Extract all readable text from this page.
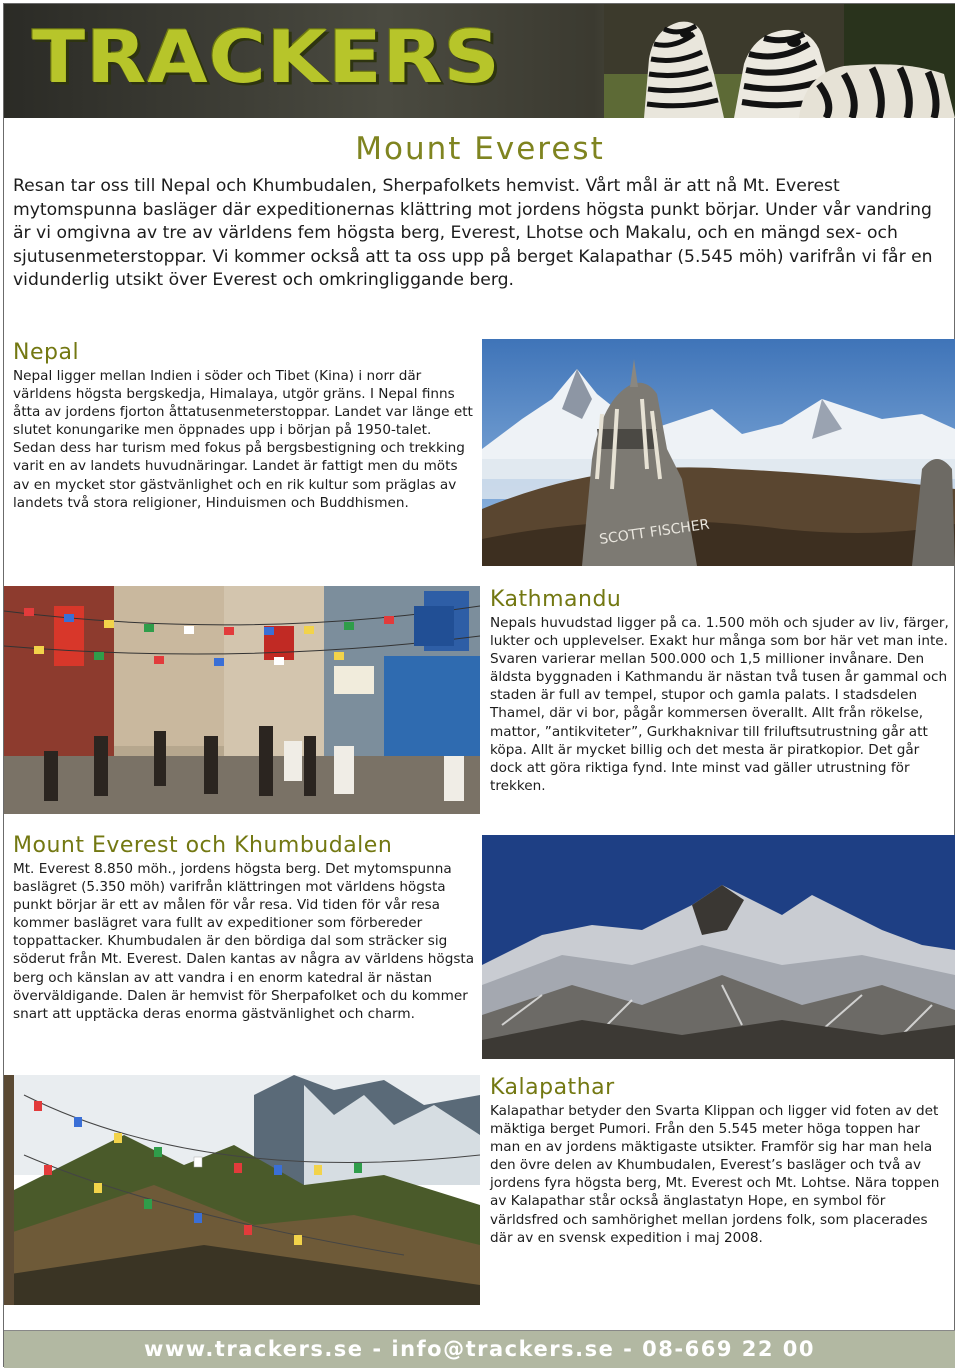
TRACKERS
Mount Everest

Resan tar oss till Nepal och Khumbudalen, Sherpafolkets hemvist. Vårt mål är att nå Mt. Everest mytomspunna basläger där expeditionernas klättring mot jordens högsta punkt börjar. Under vår vandring är vi omgivna av tre av världens fem högsta berg, Everest, Lhotse och Makalu, och en mängd sex- och sjutusenmeterstoppar. Vi kommer också att ta oss upp på berget Kalapathar (5.545 möh) varifrån vi får en vidunderlig utsikt över Everest och omkringliggande berg.

Nepal

Nepal ligger mellan Indien i söder och Tibet (Kina) i norr där världens högsta bergskedja, Himalaya, utgör gräns. I Nepal finns åtta av jordens fjorton åttatusenmeterstoppar. Landet var länge ett slutet konungarike men öppnades upp i början på 1950-talet. Sedan dess har turism med fokus på bergsbestigning och trekking varit en av landets huvudnäringar. Landet är fattigt men du möts av en mycket stor gästvänlighet och en rik kultur som präglas av landets två stora religioner, Hinduismen och Buddhismen.

SCOTT FISCHER
Kathmandu

Nepals huvudstad ligger på ca. 1.500 möh och sjuder av liv, färger, lukter och upplevelser. Exakt hur många som bor här vet man inte. Svaren varierar mellan 500.000 och 1,5 millioner invånare. Den äldsta byggnaden i Kathmandu är nästan två tusen år gammal och staden är full av tempel, stupor och gamla palats. I stadsdelen Thamel, där vi bor, pågår kommersen överallt. Allt från rökelse, mattor, ”antikviteter”, Gurkhaknivar till friluftsutrustning går att köpa. Allt är mycket billig och det mesta är piratkopior. Det går dock att göra riktiga fynd. Inte minst vad gäller utrustning för trekken.

Mount Everest och Khumbudalen

Mt. Everest 8.850 möh., jordens högsta berg. Det mytomspunna baslägret (5.350 möh) varifrån klättringen mot världens högsta punkt börjar är ett av målen för vår resa. Vid tiden för vår resa kommer baslägret vara fullt av expeditioner som förbereder toppattacker. Khumbudalen är den bördiga dal som sträcker sig söderut från Mt. Everest. Dalen kantas av några av världens högsta berg och känslan av att vandra i en enorm katedral är nästan överväldigande. Dalen är hemvist för Sherpafolket och du kommer snart att upptäcka deras enorma gästvänlighet och charm.

Kalapathar

Kalapathar betyder den Svarta Klippan och ligger vid foten av det mäktiga berget Pumori. Från den 5.545 meter höga toppen har man en av jordens mäktigaste utsikter. Framför sig har man hela den övre delen av Khumbudalen, Everest’s basläger och två av jordens fyra högsta berg, Mt. Everest och Mt. Lohtse. Nära toppen av Kalapathar står också änglastatyn Hope, en symbol för världsfred och samhörighet mellan jordens folk, som placerades där av en svensk expedition i maj 2008.

www.trackers.se - info@trackers.se - 08-669 22 00
